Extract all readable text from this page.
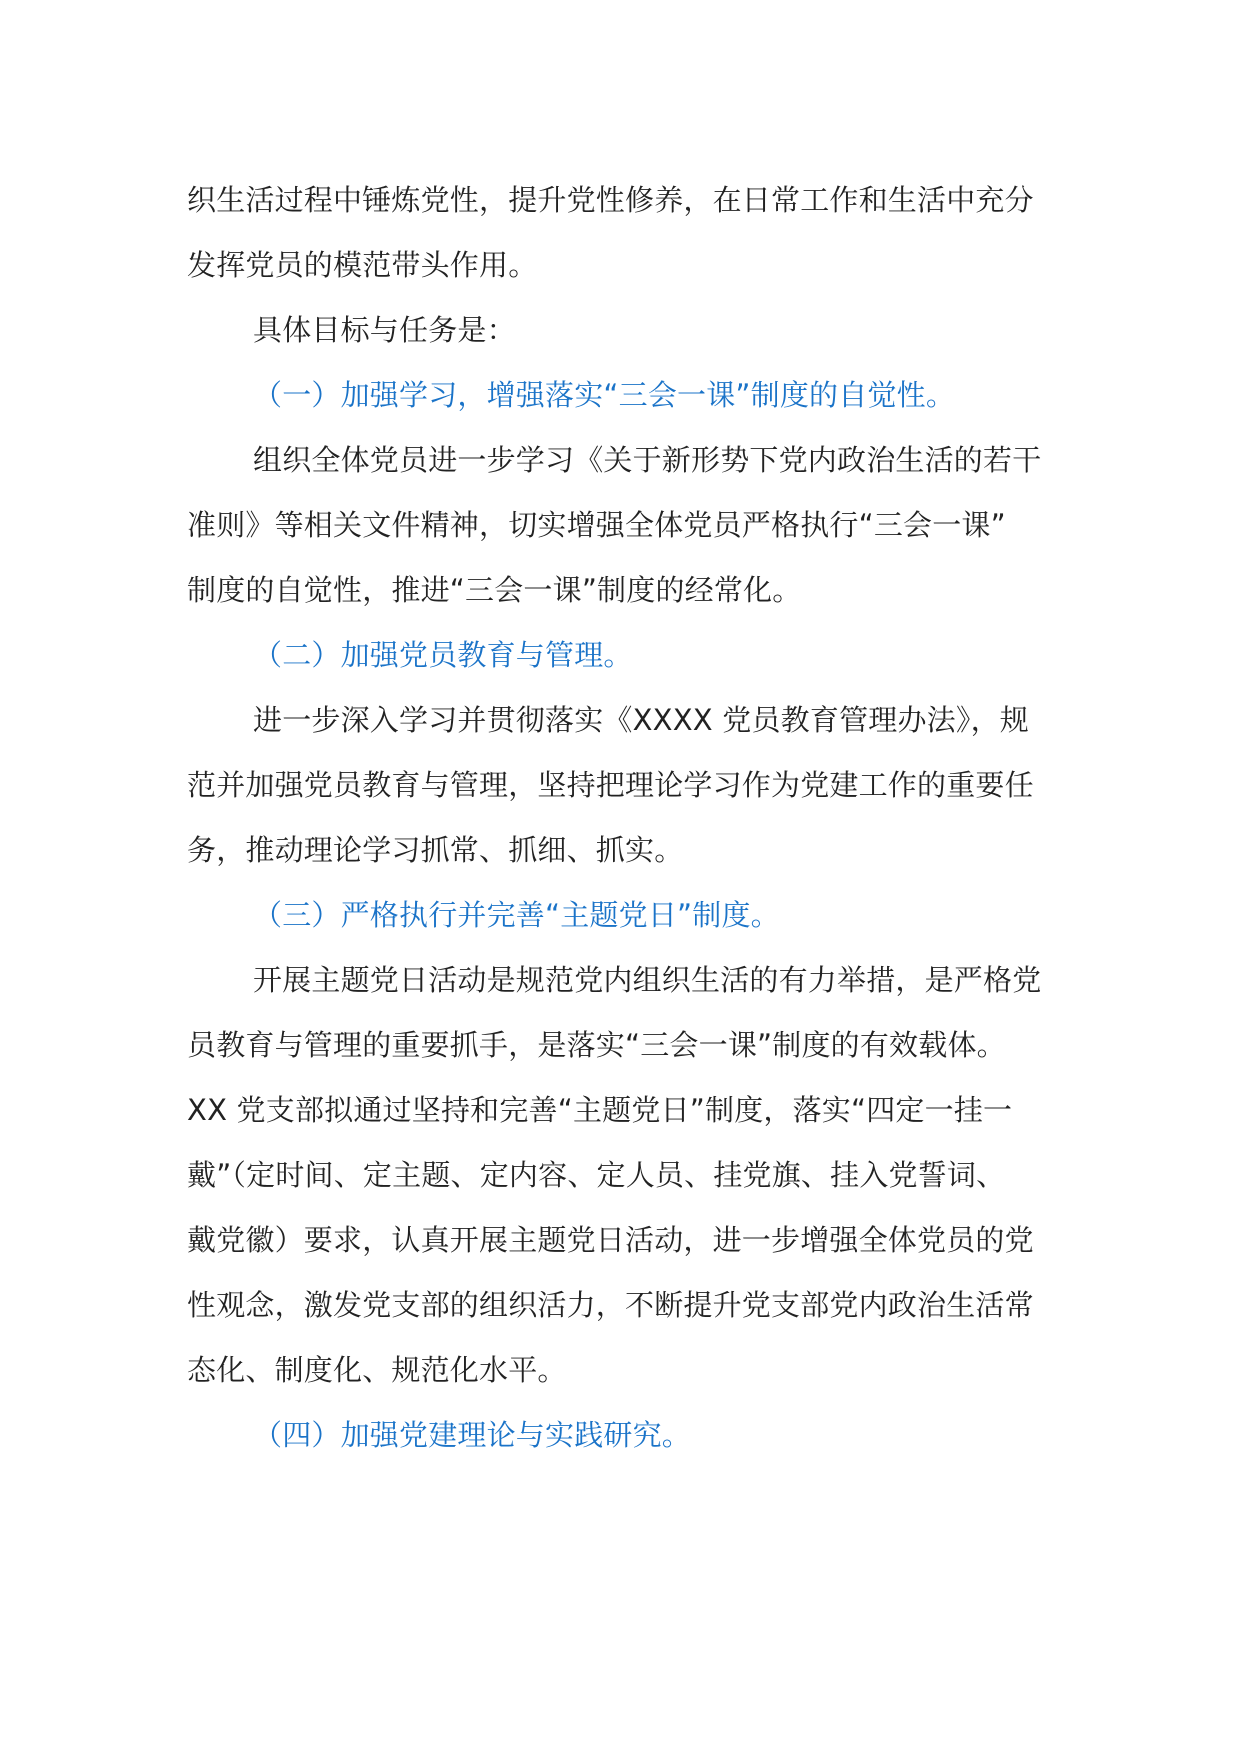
织生活过程中锤炼党性，提升党性修养，在日常工作和生活中充分
发挥党员的模范带头作用。

具体目标与任务是：

（一）加强学习，增强落实“三会一课”制度的自觉性。

组织全体党员进一步学习《关于新形势下党内政治生活的若干
准则》等相关文件精神，切实增强全体党员严格执行“三会一课”
制度的自觉性，推进“三会一课”制度的经常化。

（二）加强党员教育与管理。

进一步深入学习并贯彻落实《XXXX 党员教育管理办法》，规
范并加强党员教育与管理，坚持把理论学习作为党建工作的重要任
务，推动理论学习抓常、抓细、抓实。

（三）严格执行并完善“主题党日”制度。

开展主题党日活动是规范党内组织生活的有力举措，是严格党
员教育与管理的重要抓手，是落实“三会一课”制度的有效载体。
XX 党支部拟通过坚持和完善“主题党日”制度，落实“四定一挂一
戴”（定时间、定主题、定内容、定人员、挂党旗、挂入党誓词、
戴党徽）要求，认真开展主题党日活动，进一步增强全体党员的党
性观念，激发党支部的组织活力，不断提升党支部党内政治生活常
态化、制度化、规范化水平。

（四）加强党建理论与实践研究。
